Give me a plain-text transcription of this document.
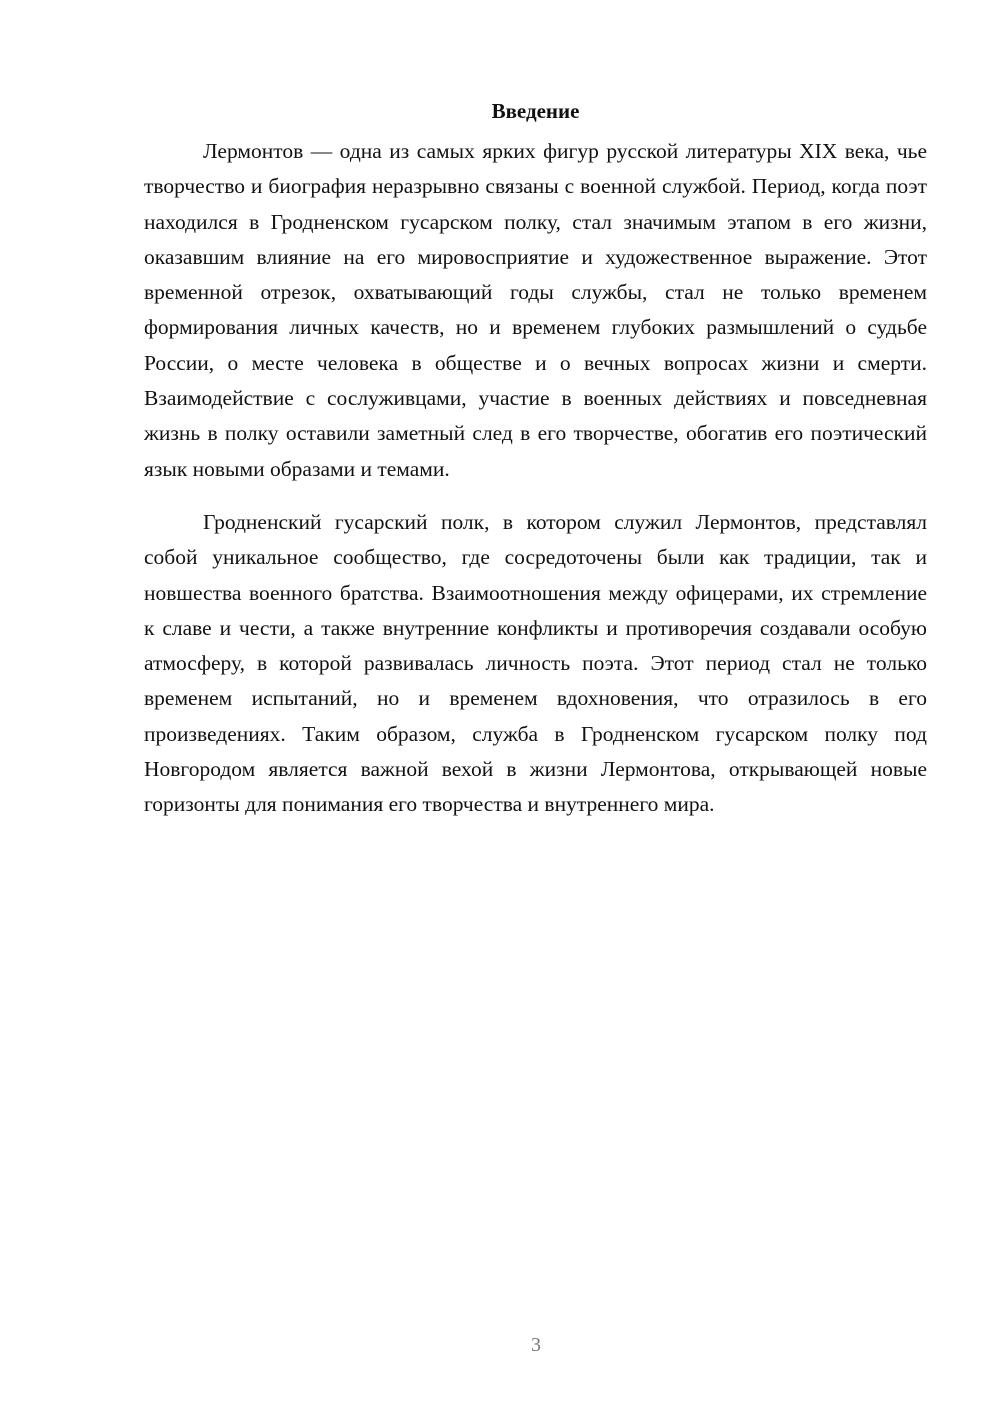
Введение

Лермонтов — одна из самых ярких фигур русской литературы XIX века, чье творчество и биография неразрывно связаны с военной службой. Период, когда поэт находился в Гродненском гусарском полку, стал значимым этапом в его жизни, оказавшим влияние на его мировосприятие и художественное выражение. Этот временной отрезок, охватывающий годы службы, стал не только временем формирования личных качеств, но и временем глубоких размышлений о судьбе России, о месте человека в обществе и о вечных вопросах жизни и смерти. Взаимодействие с сослуживцами, участие в военных действиях и повседневная жизнь в полку оставили заметный след в его творчестве, обогатив его поэтический язык новыми образами и темами.

Гродненский гусарский полк, в котором служил Лермонтов, представлял собой уникальное сообщество, где сосредоточены были как традиции, так и новшества военного братства. Взаимоотношения между офицерами, их стремление к славе и чести, а также внутренние конфликты и противоречия создавали особую атмосферу, в которой развивалась личность поэта. Этот период стал не только временем испытаний, но и временем вдохновения, что отразилось в его произведениях. Таким образом, служба в Гродненском гусарском полку под Новгородом является важной вехой в жизни Лермонтова, открывающей новые горизонты для понимания его творчества и внутреннего мира.

3
